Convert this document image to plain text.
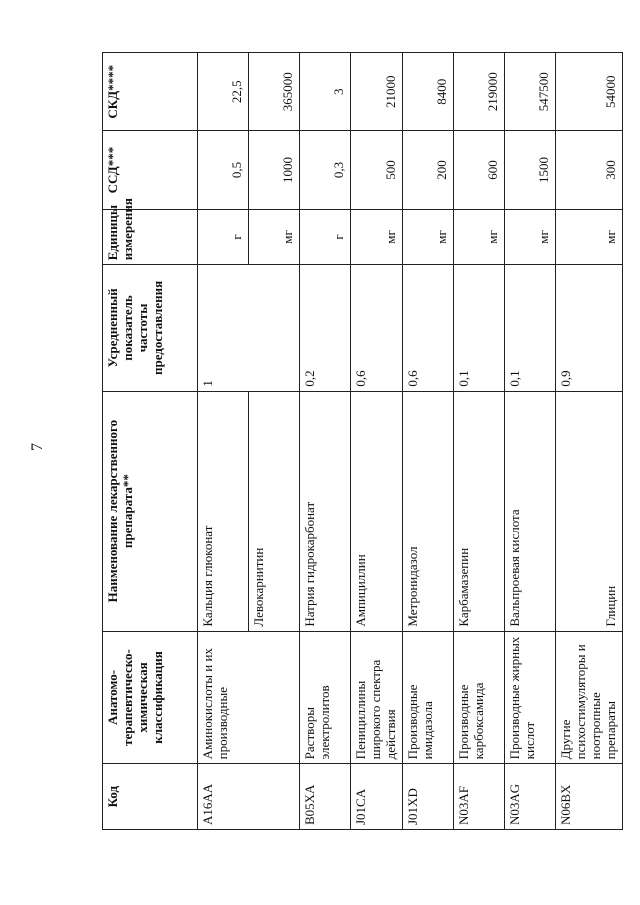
7
Код	Анатомо-терапевтическо-химическая классификация	Наименование лекарственного препарата**	Усредненный показатель частоты предоставления	Единицы измерения	ССД***	СКД****
A16AA	Аминокислоты и их производные	Кальция глюконат	1	г	0,5	22,5
		Левокарнитин		мг	1000	365000
B05XA	Растворы электролитов	Натрия гидрокарбонат	0,2	г	0,3	3
J01CA	Пенициллины широкого спектра действия	Ампициллин	0,6	мг	500	21000
J01XD	Производные имидазола	Метронидазол	0,6	мг	200	8400
N03AF	Производные карбоксамида	Карбамазепин	0,1	мг	600	219000
N03AG	Производные жирных кислот	Вальпроевая кислота	0,1	мг	1500	547500
N06BX	Другие психостимуляторы и ноотропные препараты	Глицин	0,9	мг	300	54000
